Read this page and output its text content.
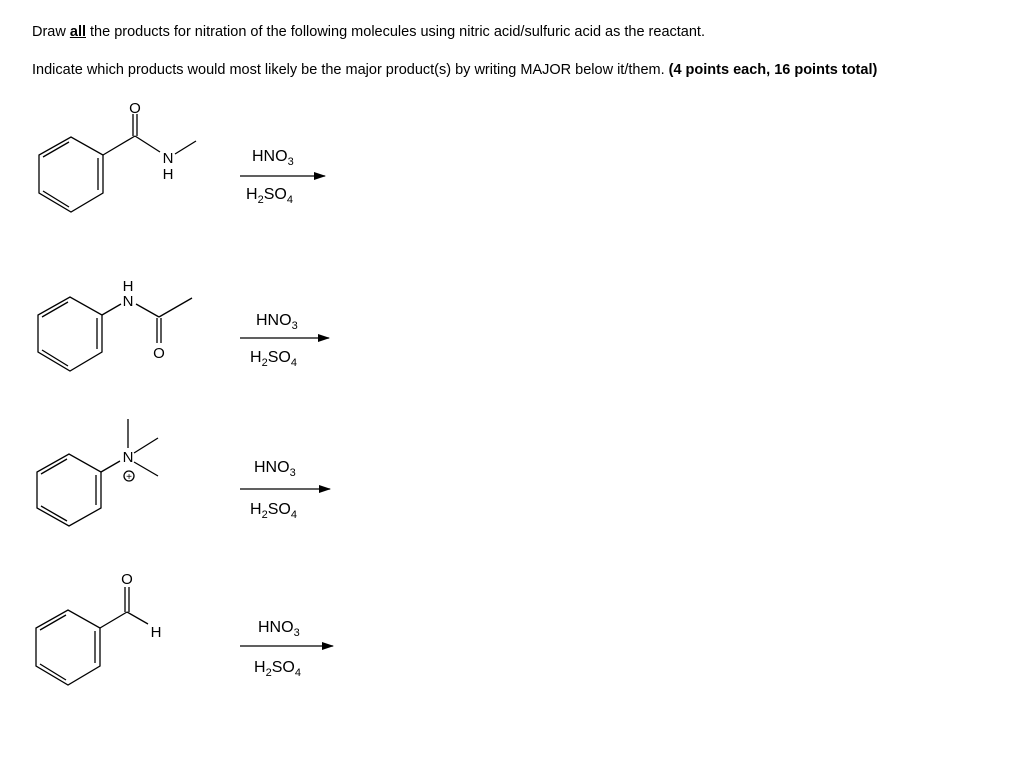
Draw all the products for nitration of the following molecules using nitric acid/sulfuric acid as the reactant.
Indicate which products would most likely be the major product(s) by writing MAJOR below it/them. (4 points each, 16 points total)
O
N
H
$HNO_3$
$H_2SO_4$
H
N
O
$HNO_3$
$H_2SO_4$
N
+
$HNO_3$
$H_2SO_4$
O
H	$HNO_3$
$H_2SO_4$
